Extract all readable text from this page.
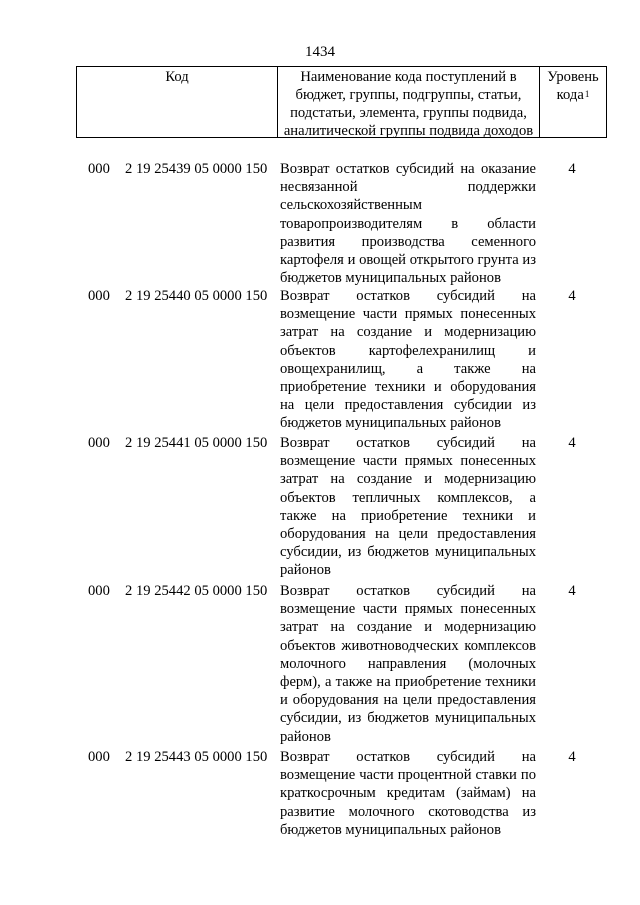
1434
Код	Наименование кода поступлений в бюджет, группы, подгруппы, статьи, подстатьи, элемента, группы подвида, аналитической группы подвида доходов
Уровень кода$^1$
000 2 19 25439 05 0000 150 Возврат остатков субсидий на оказание несвязанной поддержки сельскохозяйственным товаропроизводителям в области развития производства семенного картофеля и овощей открытого грунта из бюджетов муниципальных районов
4
000 2 19 25440 05 0000 150 Возврат остатков субсидий на возмещение части прямых понесенных затрат на создание и модернизацию объектов картофелехранилищ и овощехранилищ, а также на приобретение техники и оборудования на цели предоставления субсидии из бюджетов муниципальных районов
4
000 2 19 25441 05 0000 150 Возврат остатков субсидий на возмещение части прямых понесенных затрат на создание и модернизацию объектов тепличных комплексов, а также на приобретение техники и оборудования на цели предоставления субсидии, из бюджетов муниципальных районов
4
000 2 19 25442 05 0000 150 Возврат остатков субсидий на возмещение части прямых понесенных затрат на создание и модернизацию объектов животноводческих комплексов молочного направления (молочных ферм), а также на приобретение техники и оборудования на цели предоставления субсидии, из бюджетов муниципальных районов
4
000 2 19 25443 05 0000 150 Возврат остатков субсидий на возмещение части процентной ставки по краткосрочным кредитам (займам) на развитие молочного скотоводства из бюджетов муниципальных районов
4
